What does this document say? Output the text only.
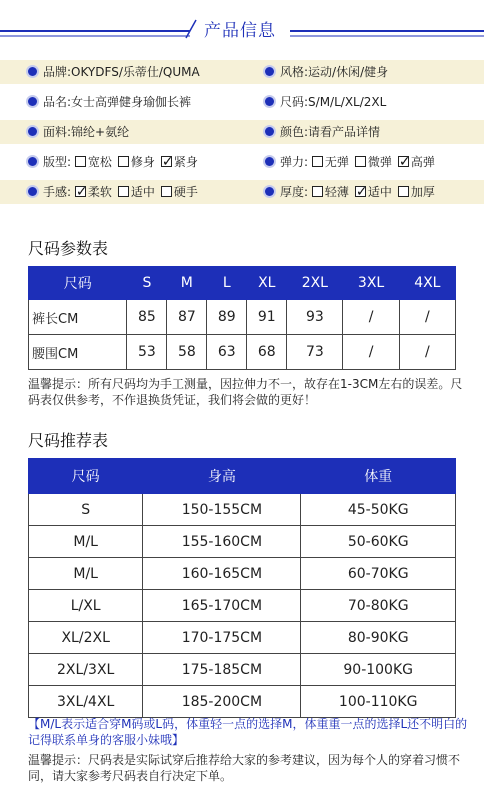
产品信息
品牌:OKYDFS/乐蒂仕/QUMA	风格:运动/休闲/健身
品名:女士高弹健身瑜伽长裤	尺码:S/M/L/XL/2XL
面料:锦纶+氨纶	颜色:请看产品详情
版型: 宽松 修身 ✓ 紧身	弹力: 无弹 微弹 ✓ 高弹
手感: ✓ 柔软 适中 硬手	厚度: 轻薄 ✓ 适中 加厚
尺码参数表
尺码	S	M	L	XL	2XL	3XL	4XL
裤长CM	85	87	89	91	93	/	/
腰围CM	53	58	63	68	73	/	/
温馨提示：所有尺码均为手工测量，因拉伸力不一，故存在1-3CM左右的误差。尺码表仅供参考，不作退换货凭证，我们将会做的更好！
尺码推荐表
尺码	身高	体重
S	150-155CM	45-50KG
M/L	155-160CM	50-60KG
M/L	160-165CM	60-70KG
L/XL	165-170CM	70-80KG
XL/2XL	170-175CM	80-90KG
2XL/3XL	175-185CM	90-100KG
3XL/4XL	185-200CM	100-110KG
【M/L表示适合穿M码或L码，体重轻一点的选择M，体重重一点的选择L还不明白的记得联系单身的客服小妹哦】
温馨提示：尺码表是实际试穿后推荐给大家的参考建议，因为每个人的穿着习惯不同，请大家参考尺码表自行决定下单。
